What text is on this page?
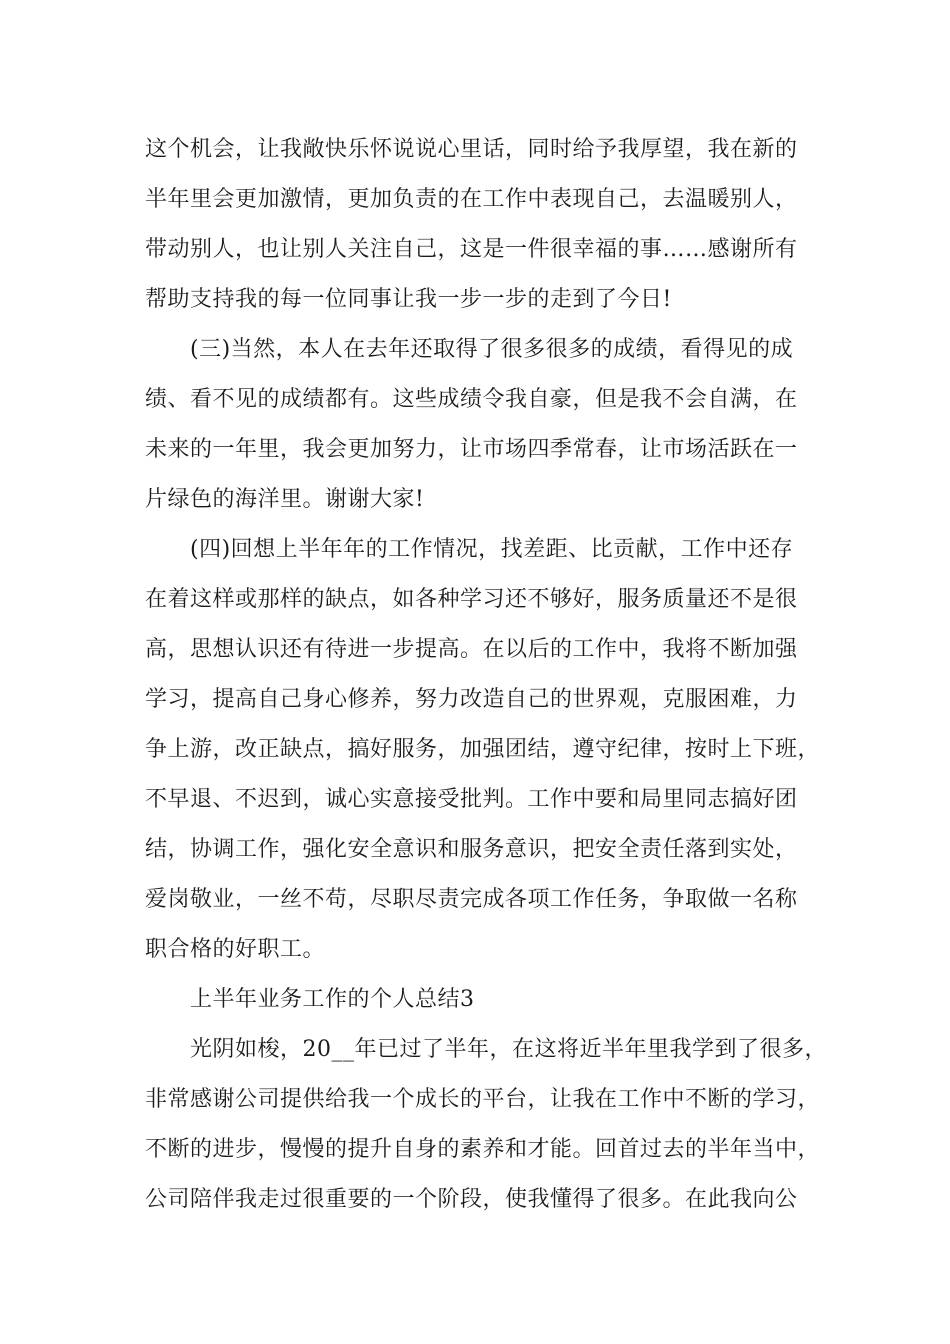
这个机会，让我敞快乐怀说说心里话，同时给予我厚望，我在新的
半年里会更加激情，更加负责的在工作中表现自己，去温暖别人，
带动别人，也让别人关注自己，这是一件很幸福的事……感谢所有
帮助支持我的每一位同事让我一步一步的走到了今日!
(三)当然，本人在去年还取得了很多很多的成绩，看得见的成
绩、看不见的成绩都有。这些成绩令我自豪，但是我不会自满，在
未来的一年里，我会更加努力，让市场四季常春，让市场活跃在一
片绿色的海洋里。谢谢大家!
(四)回想上半年年的工作情况，找差距、比贡献，工作中还存
在着这样或那样的缺点，如各种学习还不够好，服务质量还不是很
高，思想认识还有待进一步提高。在以后的工作中，我将不断加强
学习，提高自己身心修养，努力改造自己的世界观，克服困难，力
争上游，改正缺点，搞好服务，加强团结，遵守纪律，按时上下班，
不早退、不迟到，诚心实意接受批判。工作中要和局里同志搞好团
结，协调工作，强化安全意识和服务意识，把安全责任落到实处，
爱岗敬业，一丝不苟，尽职尽责完成各项工作任务，争取做一名称
职合格的好职工。
上半年业务工作的个人总结3
光阴如梭，20__年已过了半年，在这将近半年里我学到了很多，
非常感谢公司提供给我一个成长的平台，让我在工作中不断的学习，
不断的进步，慢慢的提升自身的素养和才能。回首过去的半年当中，
公司陪伴我走过很重要的一个阶段，使我懂得了很多。在此我向公
